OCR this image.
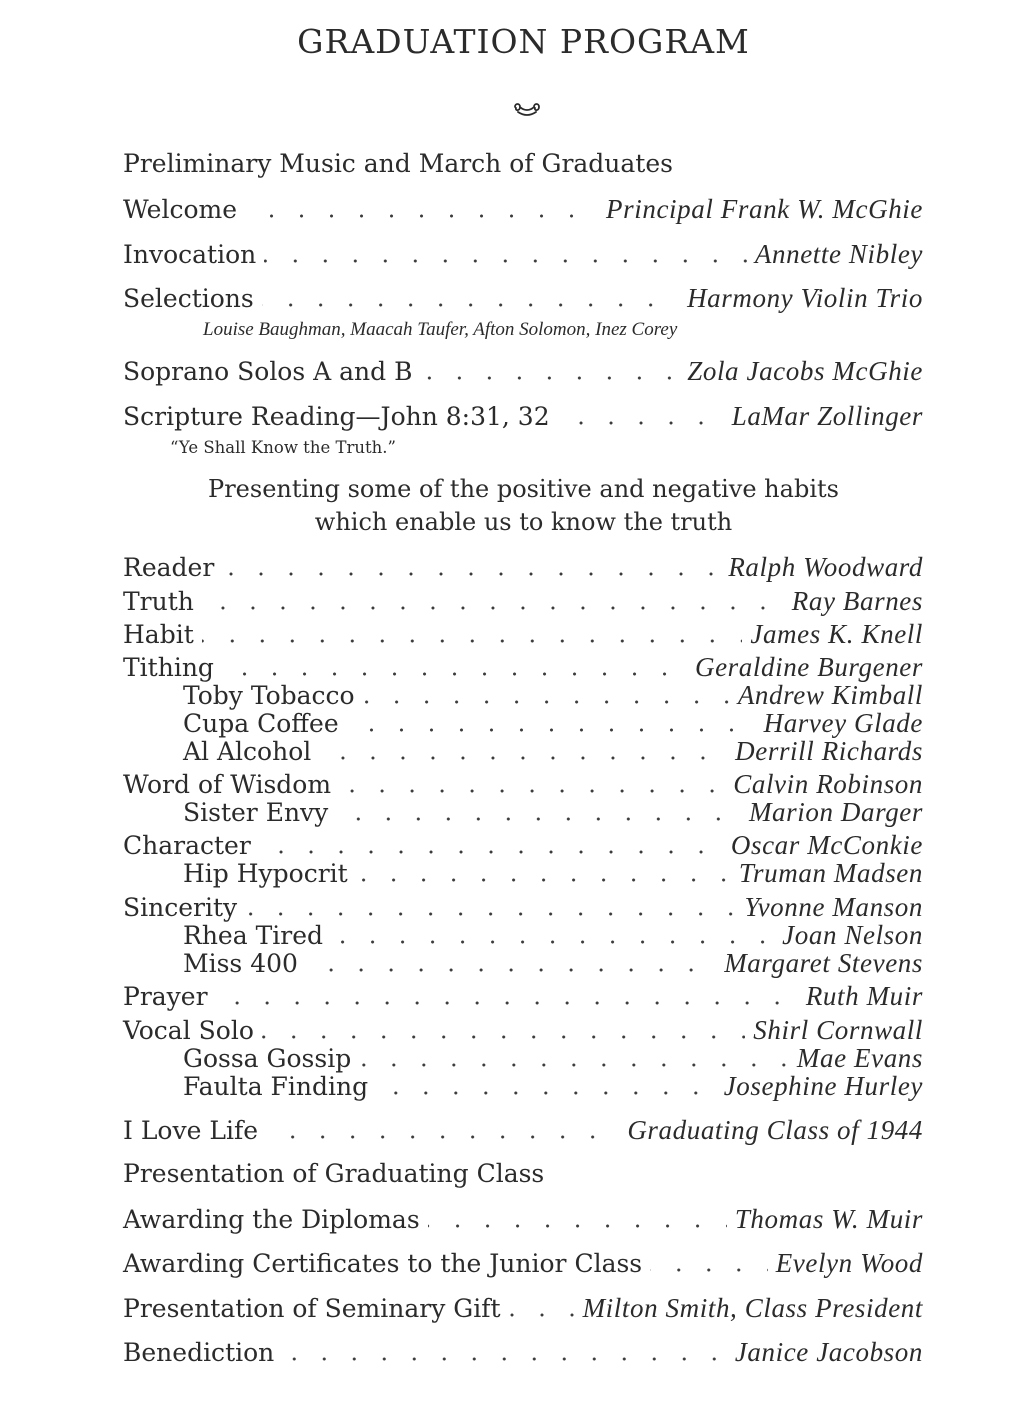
GRADUATION PROGRAM
Preliminary Music and March of Graduates
Welcome	Principal Frank W. McGhie
Invocation	Annette Nibley
Selections	Harmony Violin Trio
Louise Baughman, Maacah Taufer, Afton Solomon, Inez Corey
Soprano Solos A and B	Zola Jacobs McGhie
Scripture Reading—John 8:31, 32	LaMar Zollinger
“Ye Shall Know the Truth.”
Presenting some of the positive and negative habits
which enable us to know the truth
Reader	Ralph Woodward
Truth	Ray Barnes
Habit	James K. Knell
Tithing	Geraldine Burgener
Toby Tobacco	Andrew Kimball
Cupa Coffee	Harvey Glade
Al Alcohol	Derrill Richards
Word of Wisdom	Calvin Robinson
Sister Envy	Marion Darger
Character	Oscar McConkie
Hip Hypocrit	Truman Madsen
Sincerity	Yvonne Manson
Rhea Tired	Joan Nelson
Miss 400	Margaret Stevens
Prayer	Ruth Muir
Vocal Solo	Shirl Cornwall
Gossa Gossip	Mae Evans
Faulta Finding	Josephine Hurley
I Love Life	Graduating Class of 1944
Presentation of Graduating Class
Awarding the Diplomas	Thomas W. Muir
Awarding Certificates to the Junior Class	Evelyn Wood
Presentation of Seminary Gift	Milton Smith, Class President
Benediction	Janice Jacobson
